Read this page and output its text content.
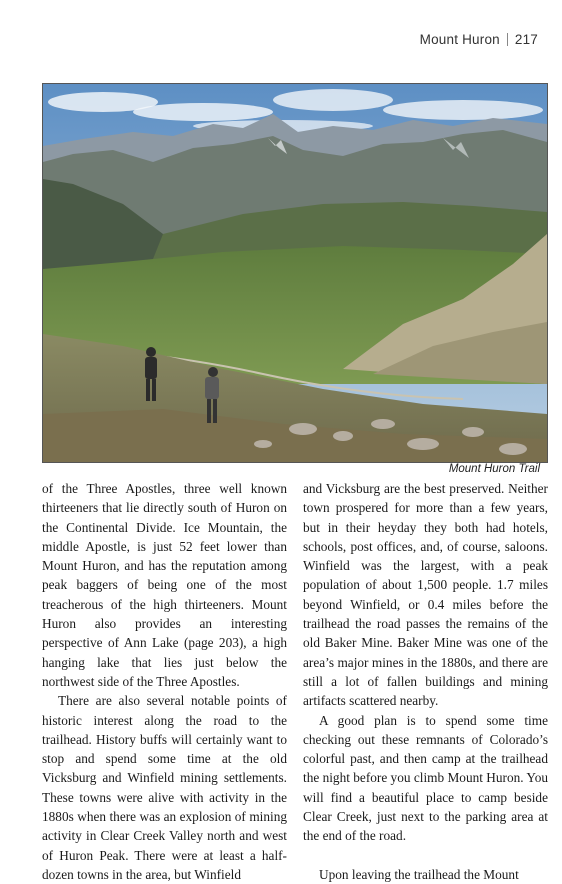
Mount Huron 217
Mount Huron Trail

of the Three Apostles, three well known thirteeners that lie directly south of Huron on the Continental Divide. Ice Mountain, the middle Apostle, is just 52 feet lower than Mount Huron, and has the reputation among peak baggers of being one of the most treacherous of the high thirteeners. Mount Huron also provides an interesting perspective of Ann Lake (page 203), a high hanging lake that lies just below the northwest side of the Three Apostles.

There are also several notable points of historic interest along the road to the trailhead. History buffs will certainly want to stop and spend some time at the old Vicksburg and Winfield mining settlements. These towns were alive with activity in the 1880s when there was an explosion of mining activity in Clear Creek Valley north and west of Huron Peak. There were at least a half-dozen towns in the area, but Winfield

and Vicksburg are the best preserved. Neither town prospered for more than a few years, but in their heyday they both had hotels, schools, post offices, and, of course, saloons. Winfield was the largest, with a peak population of about 1,500 people. 1.7 miles beyond Winfield, or 0.4 miles before the trailhead the road passes the remains of the old Baker Mine. Baker Mine was one of the area’s major mines in the 1880s, and there are still a lot of fallen buildings and mining artifacts scattered nearby.

A good plan is to spend some time checking out these remnants of Colorado’s colorful past, and then camp at the trailhead the night before you climb Mount Huron. You will find a beautiful place to camp beside Clear Creek, just next to the parking area at the end of the road.

Upon leaving the trailhead the Mount
